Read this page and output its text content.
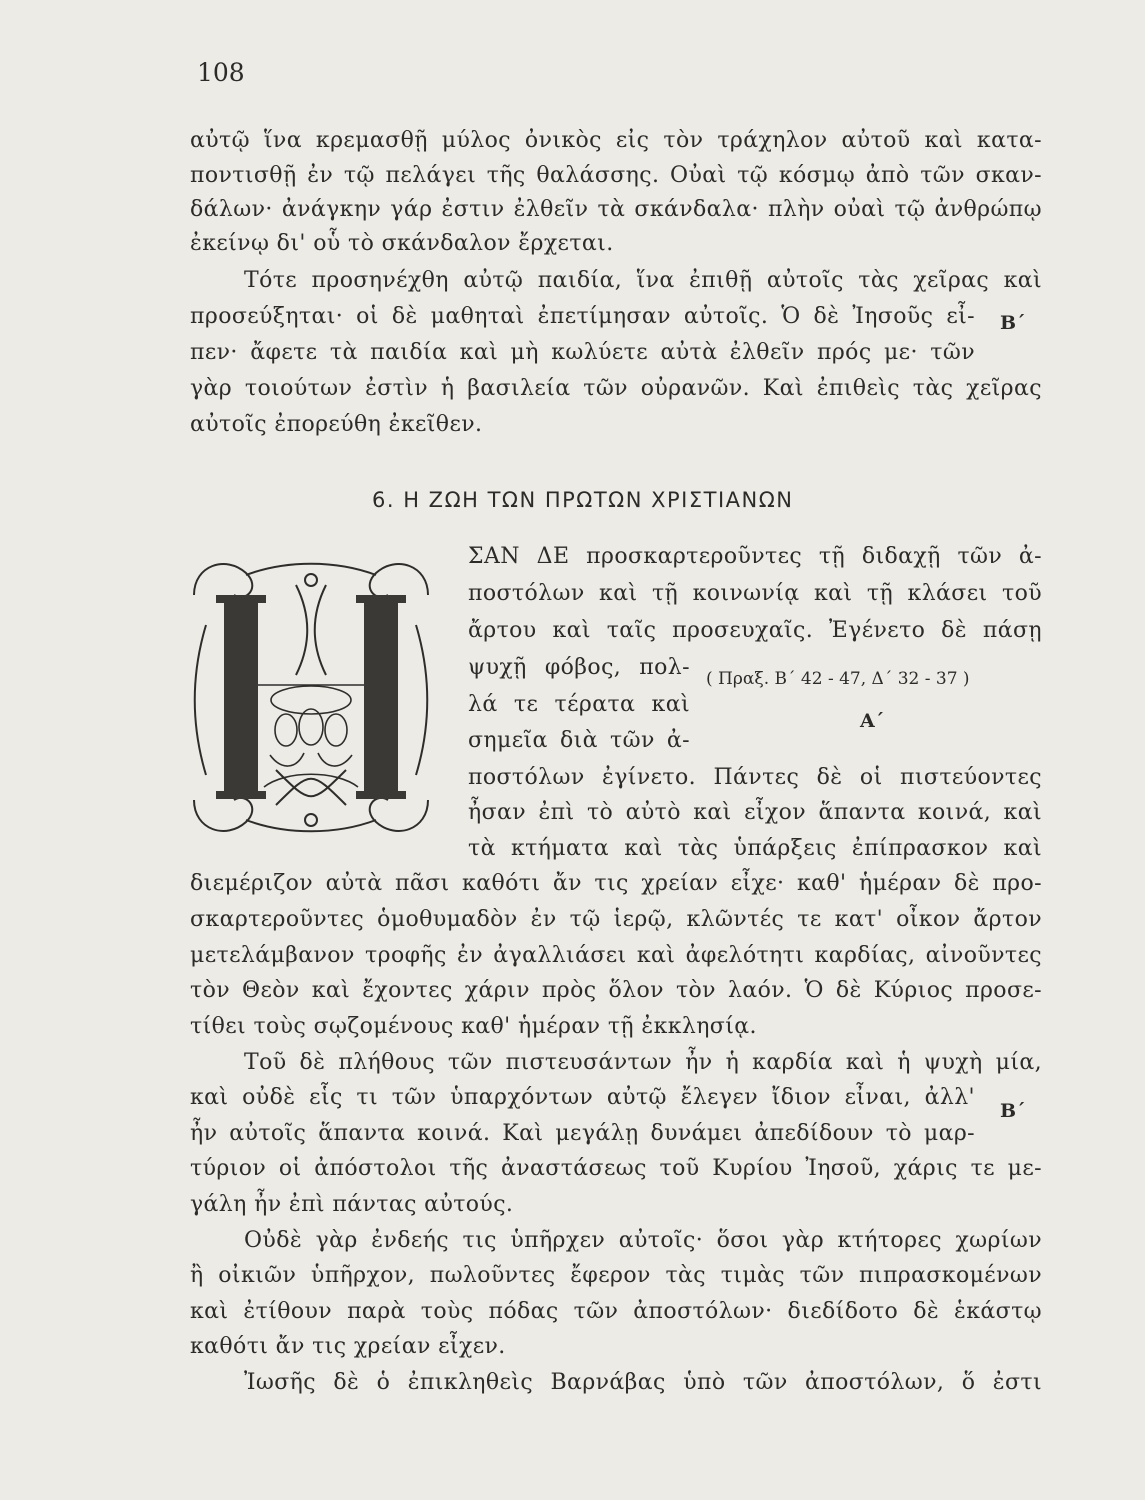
108
αὐτῷ ἵνα κρεμασθῇ μύλος ὀνικὸς εἰς τὸν τράχηλον αὐτοῦ καὶ κατα-
ποντισθῇ ἐν τῷ πελάγει τῆς θαλάσσης. Οὐαὶ τῷ κόσμῳ ἀπὸ τῶν σκαν-
δάλων· ἀνάγκην γάρ ἐστιν ἐλθεῖν τὰ σκάνδαλα· πλὴν οὐαὶ τῷ ἀνθρώπῳ
ἐκείνῳ δι' οὗ τὸ σκάνδαλον ἔρχεται.
Τότε προσηνέχθη αὐτῷ παιδία, ἵνα ἐπιθῇ αὐτοῖς τὰς χεῖρας καὶ
προσεύξηται· οἱ δὲ μαθηταὶ ἐπετίμησαν αὐτοῖς. Ὁ δὲ Ἰησοῦς εἶ- Β΄
πεν· ἄφετε τὰ παιδία καὶ μὴ κωλύετε αὐτὰ ἐλθεῖν πρός με· τῶν
γὰρ τοιούτων ἐστὶν ἡ βασιλεία τῶν οὐρανῶν. Καὶ ἐπιθεὶς τὰς χεῖρας
αὐτοῖς ἐπορεύθη ἐκεῖθεν.
6. Η ΖΩΗ ΤΩΝ ΠΡΩΤΩΝ ΧΡΙΣΤΙΑΝΩΝ
ΣΑΝ ΔΕ προσκαρτεροῦντες τῇ διδαχῇ τῶν ἀ-
ποστόλων καὶ τῇ κοινωνίᾳ καὶ τῇ κλάσει τοῦ
ἄρτου καὶ ταῖς προσευχαῖς. Ἐγένετο δὲ πάσῃ
ψυχῇ φόβος, πολ- ( Πραξ. Β΄ 42 - 47, Δ΄ 32 - 37 )
λά τε τέρατα καὶ
Α΄
σημεῖα διὰ τῶν ἀ-
ποστόλων ἐγίνετο. Πάντες δὲ οἱ πιστεύοντες
ἦσαν ἐπὶ τὸ αὐτὸ καὶ εἶχον ἅπαντα κοινά, καὶ
τὰ κτήματα καὶ τὰς ὑπάρξεις ἐπίπρασκον καὶ
διεμέριζον αὐτὰ πᾶσι καθότι ἄν τις χρείαν εἶχε· καθ' ἡμέραν δὲ προ-
σκαρτεροῦντες ὁμοθυμαδὸν ἐν τῷ ἱερῷ, κλῶντές τε κατ' οἶκον ἄρτον
μετελάμβανον τροφῆς ἐν ἀγαλλιάσει καὶ ἀφελότητι καρδίας, αἰνοῦντες
τὸν Θεὸν καὶ ἔχοντες χάριν πρὸς ὅλον τὸν λαόν. Ὁ δὲ Κύριος προσε-
τίθει τοὺς σῳζομένους καθ' ἡμέραν τῇ ἐκκλησίᾳ.
Τοῦ δὲ πλήθους τῶν πιστευσάντων ἦν ἡ καρδία καὶ ἡ ψυχὴ μία,
καὶ οὐδὲ εἷς τι τῶν ὑπαρχόντων αὐτῷ ἔλεγεν ἴδιον εἶναι, ἀλλ'
Β΄
ἦν αὐτοῖς ἅπαντα κοινά. Καὶ μεγάλῃ δυνάμει ἀπεδίδουν τὸ μαρ-
τύριον οἱ ἀπόστολοι τῆς ἀναστάσεως τοῦ Κυρίου Ἰησοῦ, χάρις τε με-
γάλη ἦν ἐπὶ πάντας αὐτούς.
Οὐδὲ γὰρ ἐνδεής τις ὑπῆρχεν αὐτοῖς· ὅσοι γὰρ κτήτορες χωρίων
ἢ οἰκιῶν ὑπῆρχον, πωλοῦντες ἔφερον τὰς τιμὰς τῶν πιπρασκομένων
καὶ ἐτίθουν παρὰ τοὺς πόδας τῶν ἀποστόλων· διεδίδοτο δὲ ἑκάστῳ
καθότι ἄν τις χρείαν εἶχεν.
Ἰωσῆς δὲ ὁ ἐπικληθεὶς Βαρνάβας ὑπὸ τῶν ἀποστόλων, ὅ ἐστι
